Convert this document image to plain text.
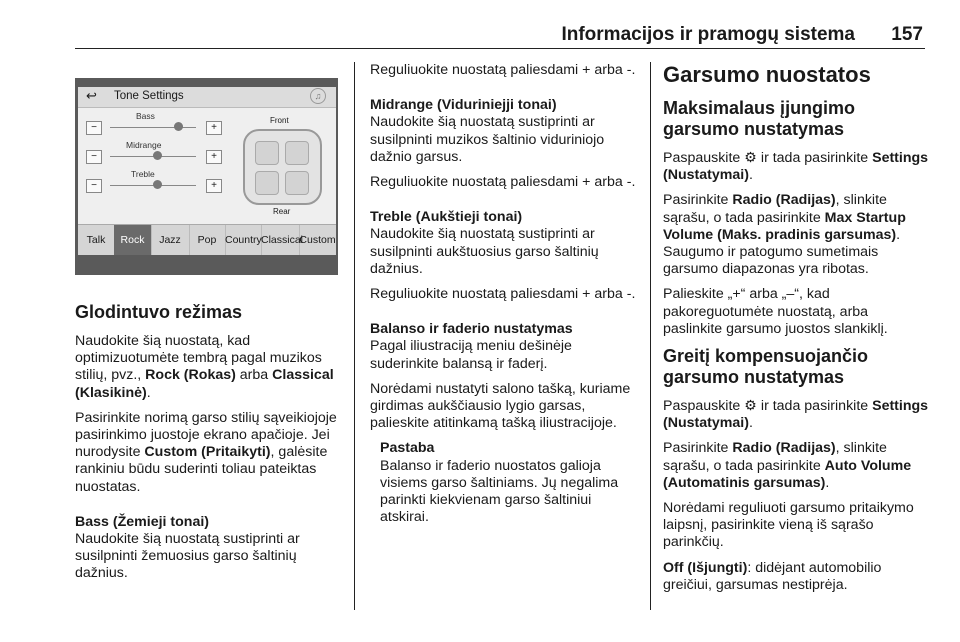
Informacijos ir pramogų sistema 157
↩ Tone Settings	♫
Bass
−	+
Midrange
−	+
Treble
−	+
Front
Rear
Talk	Rock	Jazz	Pop Country Classical
Custom
Glodintuvo režimas

Naudokite šią nuostatą, kad optimizuotumėte tembrą pagal muzikos stilių, pvz., Rock (Rokas) arba Classical (Klasikinė).

Pasirinkite norimą garso stilių sąveikiojoje pasirinkimo juostoje ekrano apačioje. Jei nurodysite Custom (Pritaikyti), galėsite rankiniu būdu suderinti toliau pateiktas nuostatas.

Bass (Žemieji tonai)

Naudokite šią nuostatą sustiprinti ar susilpninti žemuosius garso šaltinių dažnius.

Reguliuokite nuostatą paliesdami + arba -.

Midrange (Viduriniejji tonai)

Naudokite šią nuostatą sustiprinti ar susilpninti muzikos šaltinio viduriniojo dažnio garsus.

Reguliuokite nuostatą paliesdami + arba -.

Treble (Aukštieji tonai)

Naudokite šią nuostatą sustiprinti ar susilpninti aukštuosius garso šaltinių dažnius.

Reguliuokite nuostatą paliesdami + arba -.

Balanso ir faderio nustatymas

Pagal iliustraciją meniu dešinėje suderinkite balansą ir faderį.

Norėdami nustatyti salono tašką, kuriame girdimas aukščiausio lygio garsas, palieskite atitinkamą tašką iliustracijoje.

Pastaba

Balanso ir faderio nuostatos galioja visiems garso šaltiniams. Jų negalima parinkti kiekvienam garso šaltiniui atskirai.

Garsumo nuostatos
Maksimalaus įjungimo garsumo nustatymas

Paspauskite ⚙ ir tada pasirinkite Settings (Nustatymai).

Pasirinkite Radio (Radijas), slinkite sąrašu, o tada pasirinkite Max Startup Volume (Maks. pradinis garsumas). Saugumo ir patogumo sumetimais garsumo diapazonas yra ribotas.

Palieskite „+“ arba „–“, kad pakoreguotumėte nuostatą, arba paslinkite garsumo juostos slankiklį.

Greitį kompensuojančio garsumo nustatymas

Paspauskite ⚙ ir tada pasirinkite Settings (Nustatymai).

Pasirinkite Radio (Radijas), slinkite sąrašu, o tada pasirinkite Auto Volume (Automatinis garsumas).

Norėdami reguliuoti garsumo pritaikymo laipsnį, pasirinkite vieną iš sąrašo parinkčių.

Off (Išjungti): didėjant automobilio greičiui, garsumas nestiprėja.
